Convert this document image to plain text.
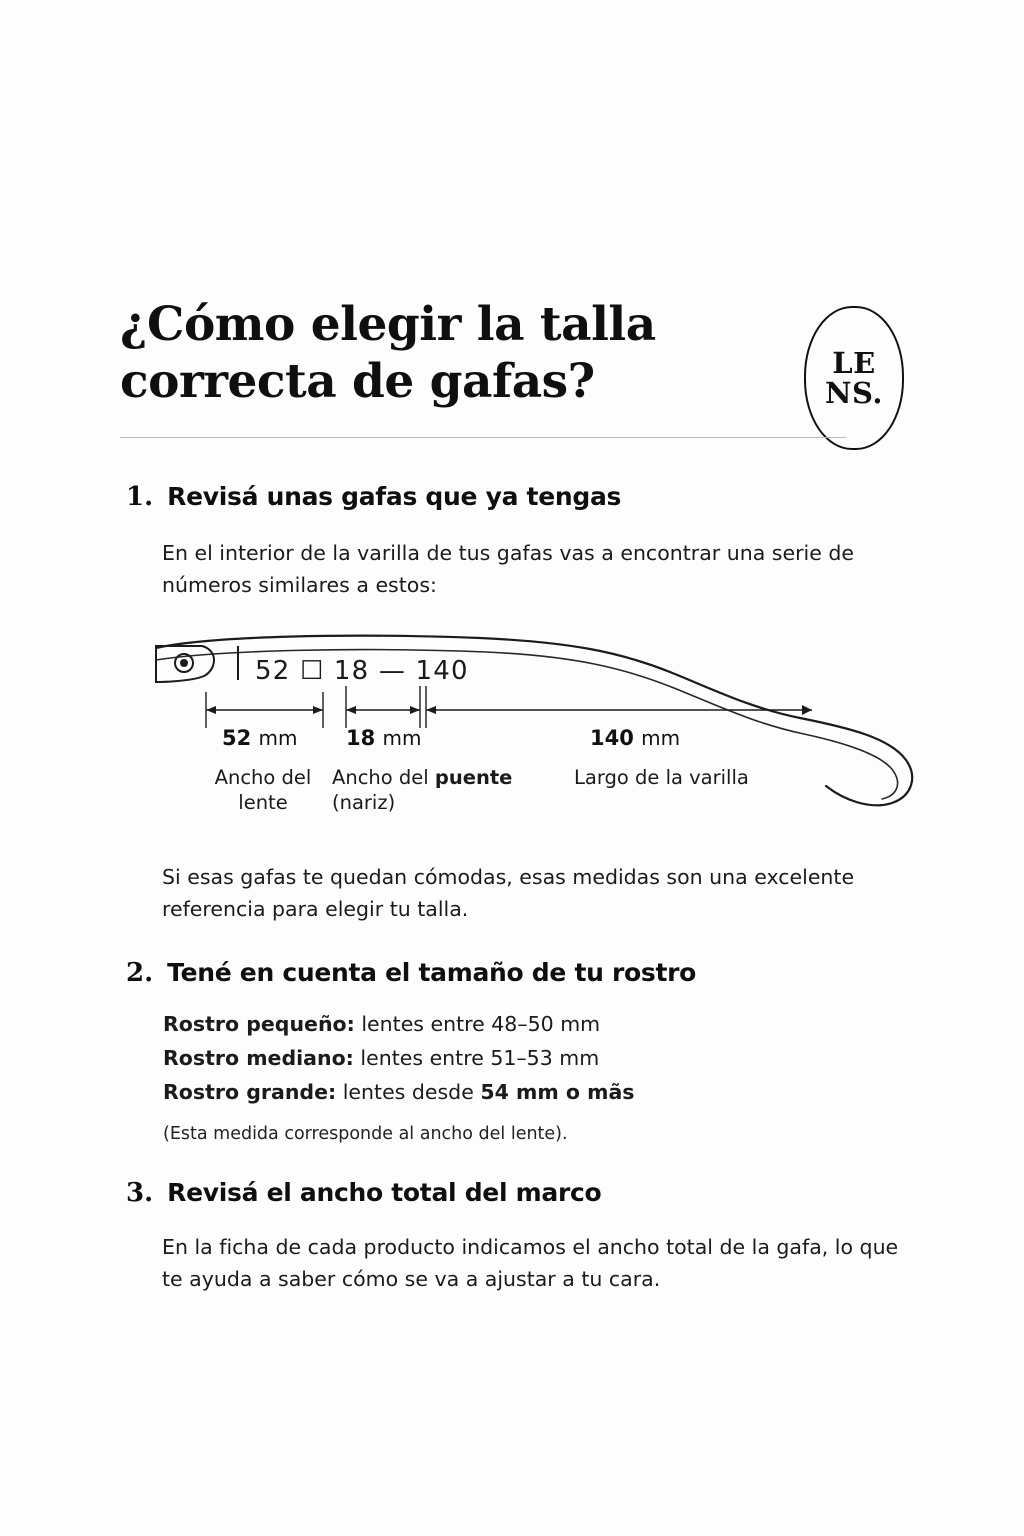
¿Cómo elegir la talla
correcta de gafas?	LE
NS.
1. Revisá unas gafas que ya tengas
En el interior de la varilla de tus gafas vas a encontrar una serie de números similares a estos:
52 ☐ 18 — 140
52 mm 18 mm	140 mm
Ancho del
lente
Ancho del puente
(nariz)
Largo de la varilla
Si esas gafas te quedan cómodas, esas medidas son una excelente referencia para elegir tu talla.
2. Tené en cuenta el tamaño de tu rostro
Rostro pequeño: lentes entre 48–50 mm
Rostro mediano: lentes entre 51–53 mm
Rostro grande: lentes desde 54 mm o mãs
(Esta medida corresponde al ancho del lente).
3. Revisá el ancho total del marco
En la ficha de cada producto indicamos el ancho total de la gafa, lo que te ayuda a saber cómo se va a ajustar a tu cara.
